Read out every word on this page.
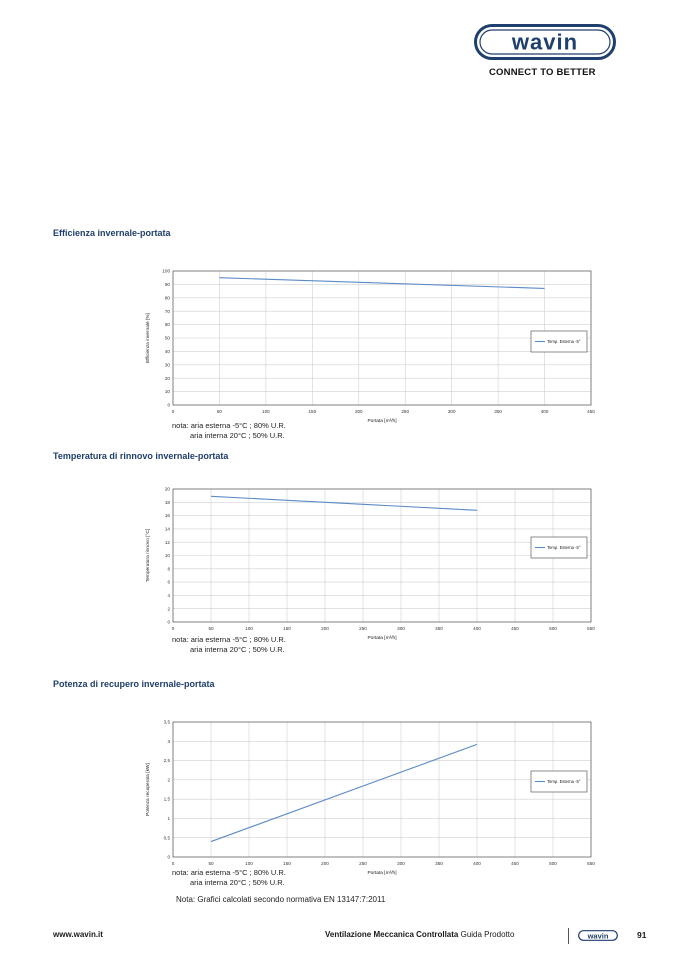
wavin
CONNECT TO BETTER
Efficienza invernale-portata
0	50	100	150	200	250	300	350	400	450
0
10
20
30
40
50
60
70
80
90
100
Portata [m³/h]
Efficienza invernale [%]	Temp. Esterna -5°
nota: aria esterna -5°C ; 80% U.R.
aria interna 20°C ; 50% U.R.
Temperatura di rinnovo invernale-portata
0	50	100	150	200	250	300	350	400	450	500	550
0
2
4
6
8
10
12
14
16
18
20
Portata [m³/h]
Temperatura rinnovo [°C]	Temp. Esterna -5°
nota: aria esterna -5°C ; 80% U.R.
aria interna 20°C ; 50% U.R.
Potenza di recupero invernale-portata
0	50	100	150	200	250	300	350	400	450	500	550
0
0,5
1
1,5
2
2,5
3
3,5
Portata [m³/h]
Potenza recuperata [kW]	Temp. Esterna -5°
nota: aria esterna -5°C ; 80% U.R.
aria interna 20°C ; 50% U.R.
Nota: Grafici calcolati secondo normativa EN 13147:7:2011
www.wavin.it	Ventilazione Meccanica Controllata Guida Prodotto	wavin	91
